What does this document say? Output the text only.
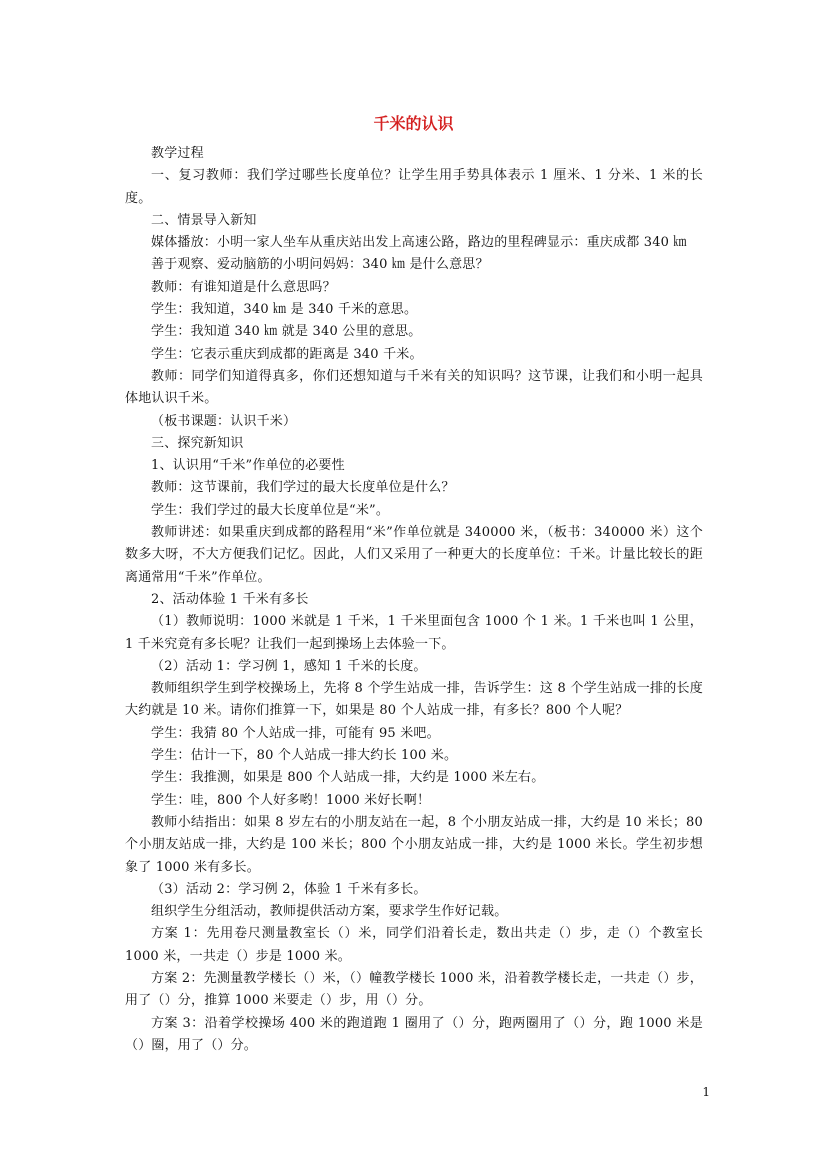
千米的认识

教学过程

一、复习教师：我们学过哪些长度单位？让学生用手势具体表示 1 厘米、1 分米、1 米的长度。

二、情景导入新知

媒体播放：小明一家人坐车从重庆站出发上高速公路，路边的里程碑显示：重庆成都 340 ㎞

善于观察、爱动脑筋的小明问妈妈：340 ㎞ 是什么意思？

教师：有谁知道是什么意思吗？

学生：我知道，340 ㎞ 是 340 千米的意思。

学生：我知道 340 ㎞ 就是 340 公里的意思。

学生：它表示重庆到成都的距离是 340 千米。

教师：同学们知道得真多，你们还想知道与千米有关的知识吗？这节课，让我们和小明一起具体地认识千米。

（板书课题：认识千米）

三、探究新知识

1、认识用“千米”作单位的必要性

教师：这节课前，我们学过的最大长度单位是什么？

学生：我们学过的最大长度单位是“米”。

教师讲述：如果重庆到成都的路程用“米”作单位就是 340000 米，（板书：340000 米）这个数多大呀，不大方便我们记忆。因此，人们又采用了一种更大的长度单位：千米。计量比较长的距离通常用“千米”作单位。

2、活动体验 1 千米有多长

（1）教师说明：1000 米就是 1 千米，1 千米里面包含 1000 个 1 米。1 千米也叫 1 公里，1 千米究竟有多长呢？让我们一起到操场上去体验一下。

（2）活动 1：学习例 1，感知 1 千米的长度。

教师组织学生到学校操场上，先将 8 个学生站成一排，告诉学生：这 8 个学生站成一排的长度大约就是 10 米。请你们推算一下，如果是 80 个人站成一排，有多长？800 个人呢？

学生：我猜 80 个人站成一排，可能有 95 米吧。

学生：估计一下，80 个人站成一排大约长 100 米。

学生：我推测，如果是 800 个人站成一排，大约是 1000 米左右。

学生：哇，800 个人好多哟！1000 米好长啊！

教师小结指出：如果 8 岁左右的小朋友站在一起，8 个小朋友站成一排，大约是 10 米长；80 个小朋友站成一排，大约是 100 米长；800 个小朋友站成一排，大约是 1000 米长。学生初步想象了 1000 米有多长。

（3）活动 2：学习例 2，体验 1 千米有多长。

组织学生分组活动，教师提供活动方案，要求学生作好记载。

方案 1：先用卷尺测量教室长（）米，同学们沿着长走，数出共走（）步，走（）个教室长 1000 米，一共走（）步是 1000 米。

方案 2：先测量教学楼长（）米，（）幢教学楼长 1000 米，沿着教学楼长走，一共走（）步，用了（）分，推算 1000 米要走（）步，用（）分。

方案 3：沿着学校操场 400 米的跑道跑 1 圈用了（）分，跑两圈用了（）分，跑 1000 米是（）圈，用了（）分。

1
